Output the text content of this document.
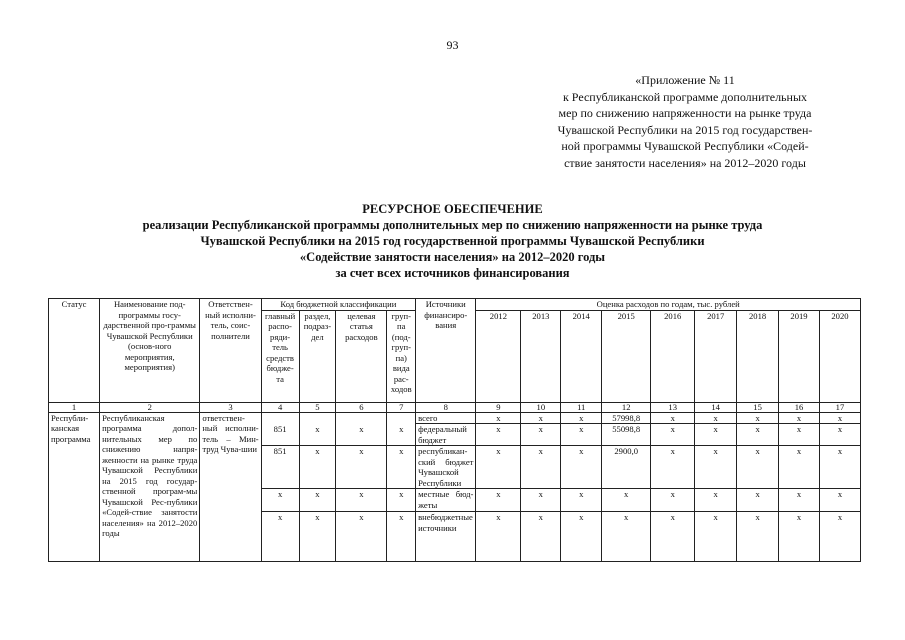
93
«Приложение № 11
к Республиканской программе дополнительных
мер по снижению напряженности на рынке труда
Чувашской Республики на 2015 год государствен-
ной программы Чувашской Республики «Содей-
ствие занятости населения» на 2012–2020 годы
РЕСУРСНОЕ ОБЕСПЕЧЕНИЕ
реализации Республиканской программы дополнительных мер по снижению напряженности на рынке труда
Чувашской Республики на 2015 год государственной программы Чувашской Республики
«Содействие занятости населения» на 2012–2020 годы
за счет всех источников финансирования
Статус	Наименование под-программы госу-дарственной про-граммы Чувашской Республики (основ-ного мероприятия, мероприятия)	Ответствен-ный исполни-тель, соис-полнители	Код бюджетной классификации				Источники финансиро-вания	Оценка расходов по годам, тыс. рублей								
			главный распо-ряди-тель средств бюдже-та	раздел, подраз-дел	целевая статья расходов	груп-па (под-груп-па) вида рас-ходов		2012	2013	2014	2015	2016	2017	2018	2019	2020
1	2	3	4	5	6	7	8	9	10	11	12	13	14	15	16	17
Республи-канская программа	Республиканская программа допол-нительных мер по снижению напря-женности на рынке труда Чувашской Республики на 2015 год государ-ственной програм-мы Чувашской Рес-публики «Содей-ствие занятости населения» на 2012–2020 годы	ответствен-ный исполни-тель – Мин-труд Чува-шии					всего	x	x	x	57998,8	x	x	x	x	x
			851	x	x	x	федеральный бюджет	x	x	x	55098,8	x	x	x	x	x
			851	x	x	x	республикан-ский бюджет Чувашской Республики	x	x	x	2900,0	x	x	x	x	x
			x	x	x	x	местные бюд-жеты	x	x	x	x	x	x	x	x	x
			x	x	x	x	внебюджетные источники	x	x	x	x	x	x	x	x	x
